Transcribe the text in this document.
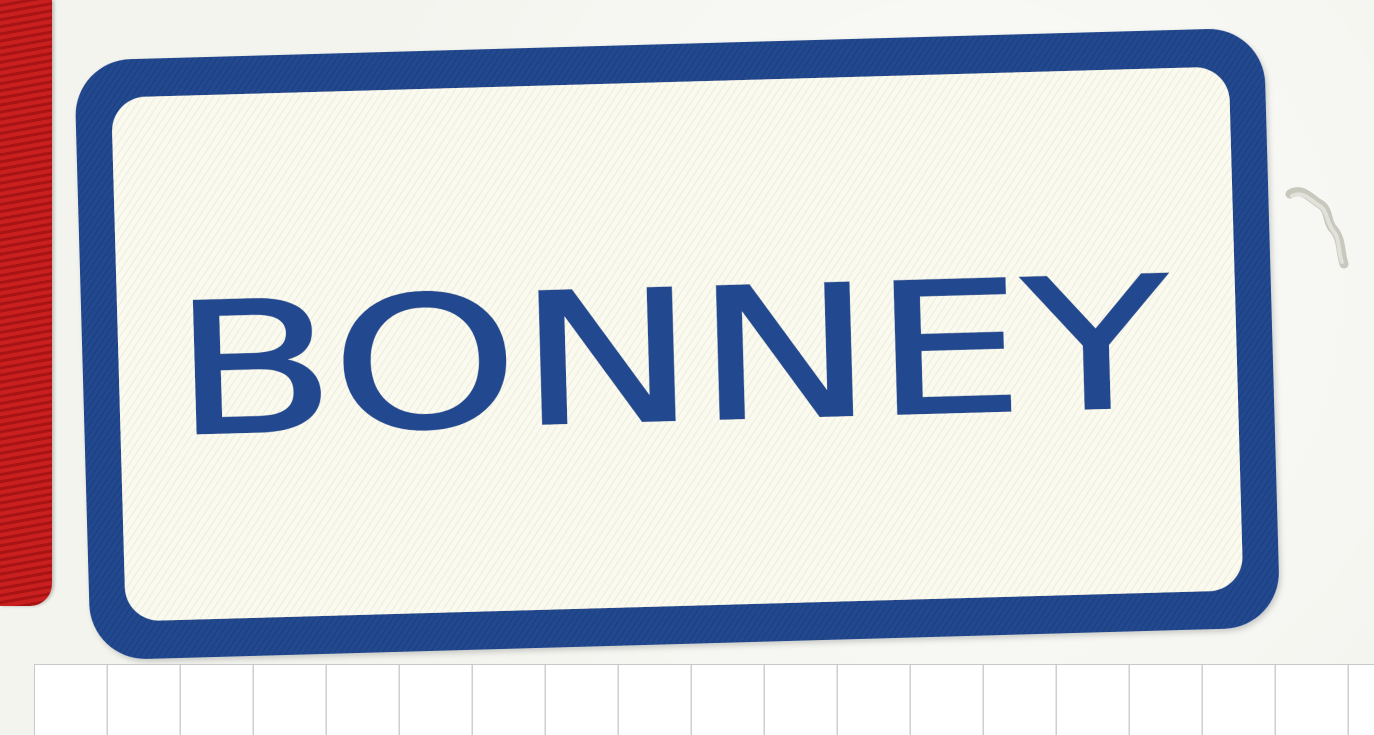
BONNEY
